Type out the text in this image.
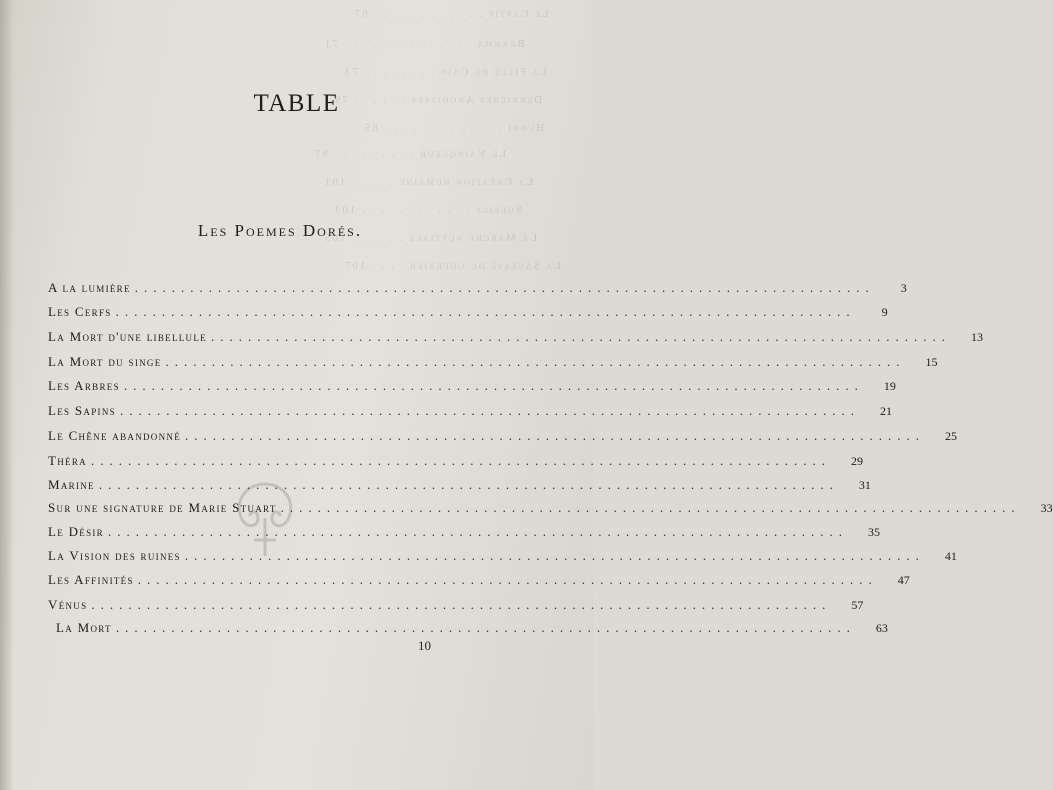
Le Captif . . . . . . . . . . . . 67
Brahma . . . . . . . . . . . . . . 71
La Fille de Cain . . . . . . . . 73
Dernières Angoisses . . . . . . 79
Hunni . . . . . . . . . . . . . 85
Le Vainqueur . . . . . . . . . 97
La Création humaine . . . . . 101
Soleils . . . . . . . . . . . . 103
La Marche nuptiale . . . . . . 105
La Sagesse du guerrier . . . . 107
TABLE
Les Poemes Dorés.
A la lumière ................................................................................	3
Les Cerfs ................................................................................	9
La Mort d'une libellule ................................................................................	13
La Mort du singe ................................................................................	15
Les Arbres ................................................................................	19
Les Sapins ................................................................................	21
Le Chêne abandonné ................................................................................	25
Théra ................................................................................	29
Marine ................................................................................	31
Sur une signature de Marie Stuart ................................................................................	33
Le Désir ................................................................................	35
La Vision des ruines ................................................................................	41
Les Affinités ................................................................................	47
Vénus ................................................................................	57
La Mort ................................................................................	63
10
